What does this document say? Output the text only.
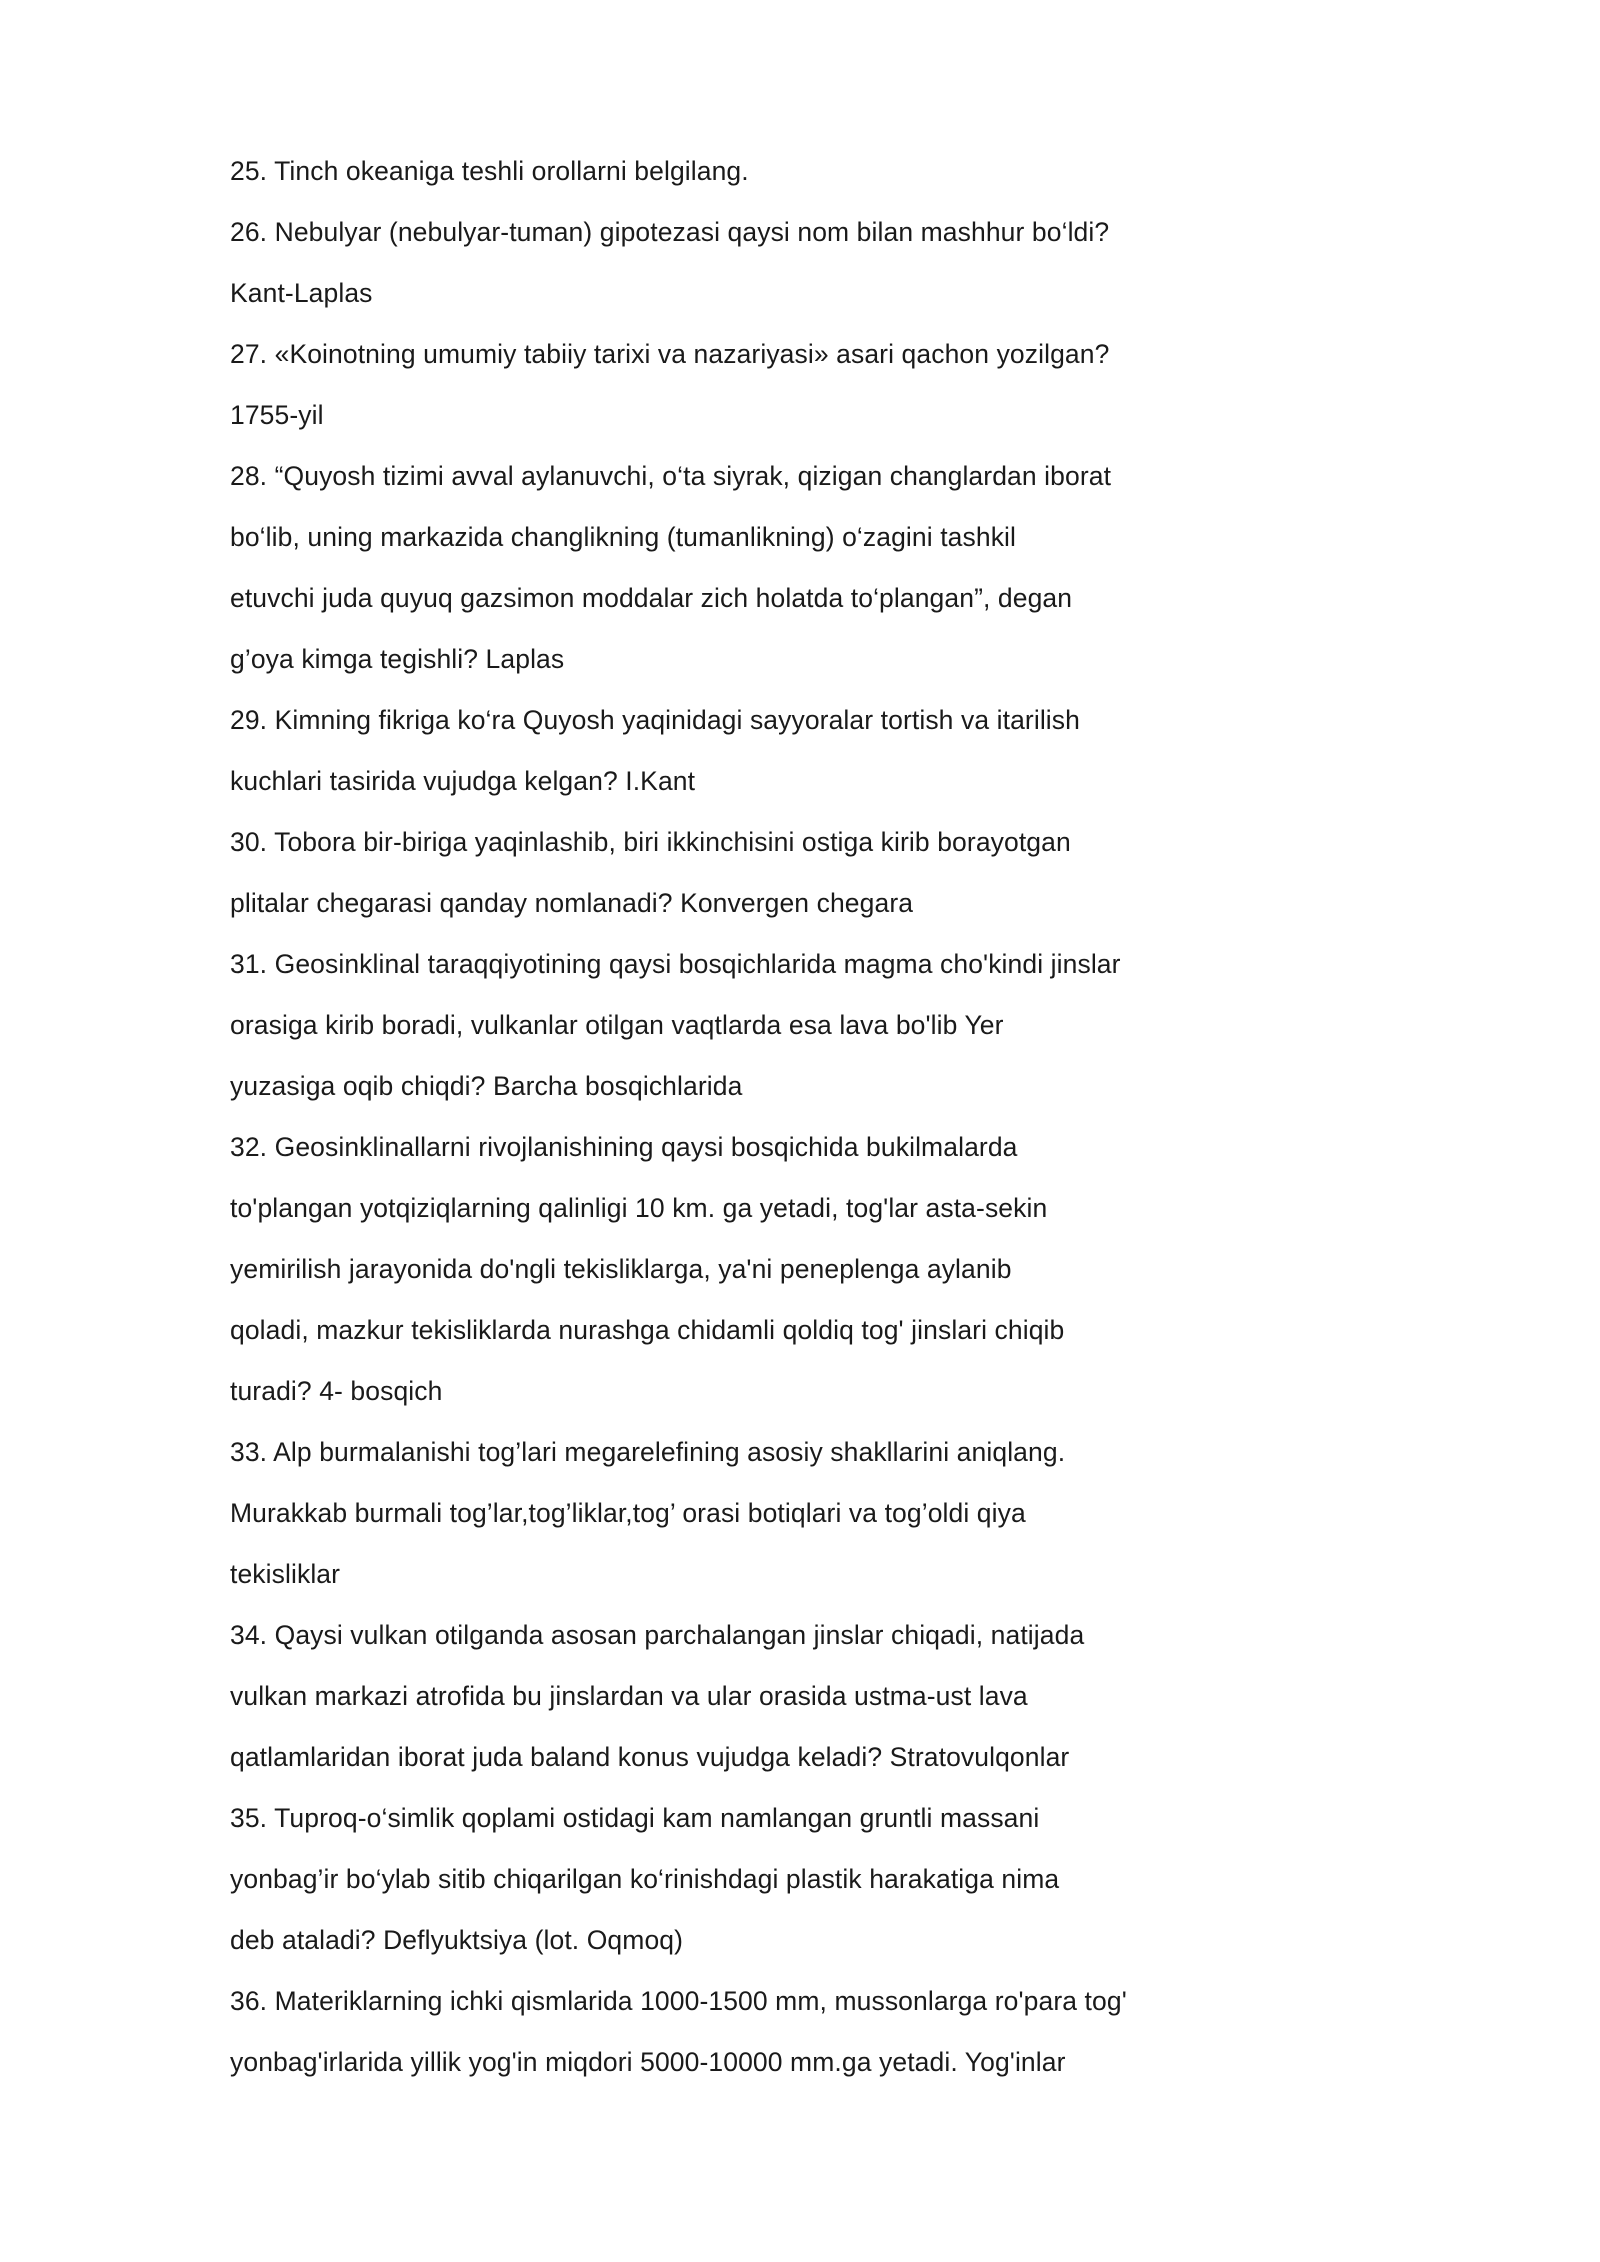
25. Tinch okeaniga teshli orollarni belgilang.
26. Nebulyar (nebulyar-tuman) gipotezasi qaysi nom bilan mashhur bo‘ldi?
Kant-Laplas
27. «Koinotning umumiy tabiiy tarixi va nazariyasi» asari qachon yozilgan?
1755-yil
28. “Quyosh tizimi avval aylanuvchi, o‘ta siyrak, qizigan changlardan iborat
bo‘lib, uning markazida changlikning (tumanlikning) o‘zagini tashkil
etuvchi juda quyuq gazsimon moddalar zich holatda to‘plangan”, degan
g’oya kimga tegishli? Laplas
29. Kimning fikriga ko‘ra Quyosh yaqinidagi sayyoralar tortish va itarilish
kuchlari tasirida vujudga kelgan? I.Kant
30. Tobora bir-biriga yaqinlashib, biri ikkinchisini ostiga kirib borayotgan
plitalar chegarasi qanday nomlanadi? Konvergen chegara
31. Geosinklinal taraqqiyotining qaysi bosqichlarida magma cho'kindi jinslar
orasiga kirib boradi, vulkanlar otilgan vaqtlarda esa lava bo'lib Yer
yuzasiga oqib chiqdi? Barcha bosqichlarida
32. Geosinklinallarni rivojlanishining qaysi bosqichida bukilmalarda
to'plangan yotqiziqlarning qalinligi 10 km. ga yetadi, tog'lar asta-sekin
yemirilish jarayonida do'ngli tekisliklarga, ya'ni peneplenga aylanib
qoladi, mazkur tekisliklarda nurashga chidamli qoldiq tog' jinslari chiqib
turadi? 4- bosqich
33. Alp burmalanishi tog’lari megarelefining asosiy shakllarini aniqlang.
Murakkab burmali tog’lar,tog’liklar,tog’ orasi botiqlari va tog’oldi qiya
tekisliklar
34. Qaysi vulkan otilganda asosan parchalangan jinslar chiqadi, natijada
vulkan markazi atrofida bu jinslardan va ular orasida ustma-ust lava
qatlamlaridan iborat juda baland konus vujudga keladi? Stratovulqonlar
35. Tuproq-o‘simlik qoplami ostidagi kam namlangan gruntli massani
yonbag’ir bo‘ylab sitib chiqarilgan ko‘rinishdagi plastik harakatiga nima
deb ataladi? Deflyuktsiya (lot. Oqmoq)
36. Materiklarning ichki qismlarida 1000-1500 mm, mussonlarga ro'para tog'
yonbag'irlarida yillik yog'in miqdori 5000-10000 mm.ga yetadi. Yog'inlar
